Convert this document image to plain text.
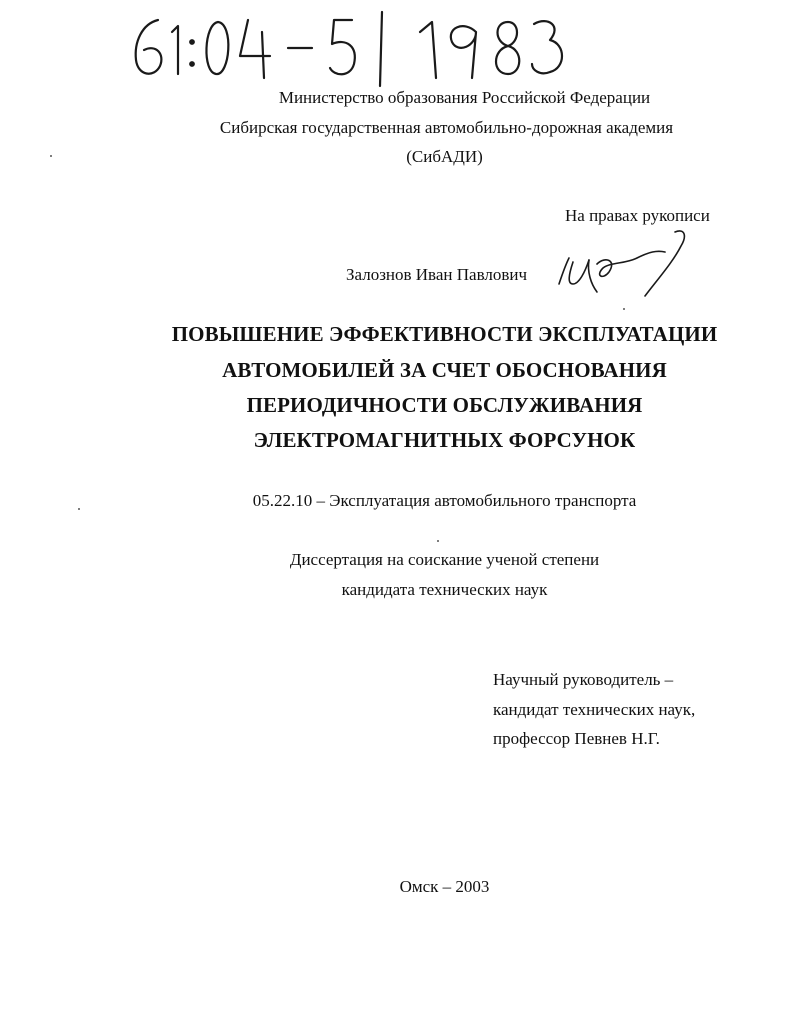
Министерство образования Российской Федерации
Сибирская государственная автомобильно-дорожная академия
(СибАДИ)
На правах рукописи
Залознов Иван Павлович
ПОВЫШЕНИЕ ЭФФЕКТИВНОСТИ ЭКСПЛУАТАЦИИ
АВТОМОБИЛЕЙ ЗА СЧЕТ ОБОСНОВАНИЯ
ПЕРИОДИЧНОСТИ ОБСЛУЖИВАНИЯ
ЭЛЕКТРОМАГНИТНЫХ ФОРСУНОК
05.22.10 – Эксплуатация автомобильного транспорта
Диссертация на соискание ученой степени
кандидата технических наук
Научный руководитель –
кандидат технических наук,
профессор Певнев Н.Г.
Омск – 2003
